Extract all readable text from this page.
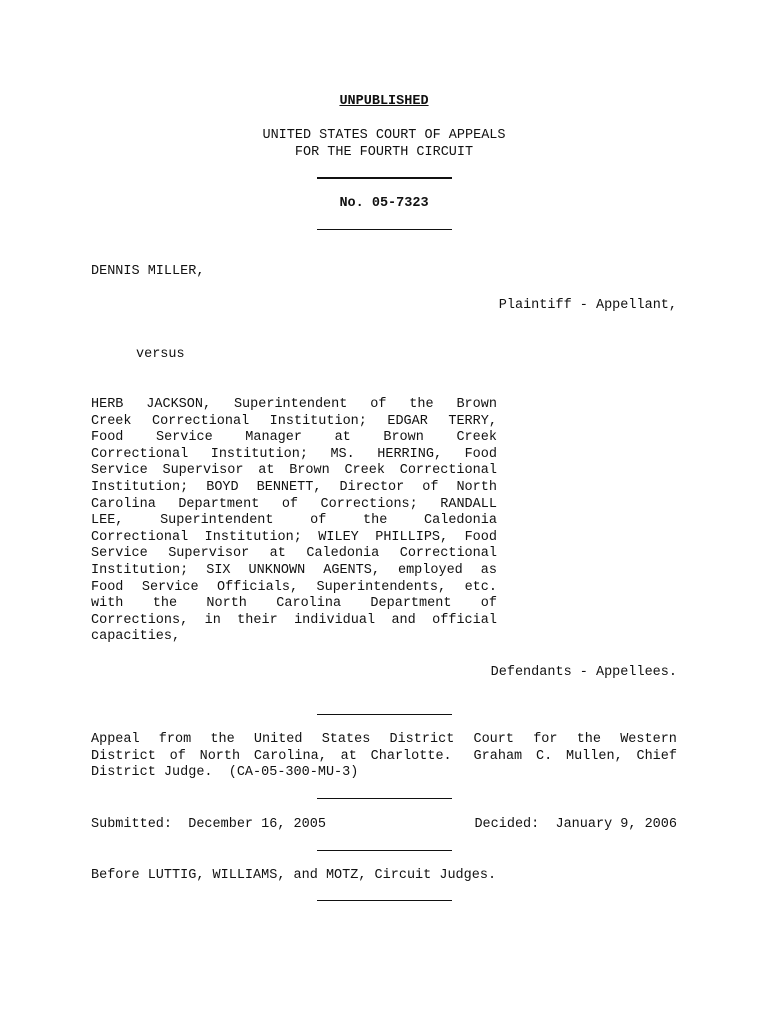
UNPUBLISHED
UNITED STATES COURT OF APPEALS
FOR THE FOURTH CIRCUIT
No. 05-7323
DENNIS MILLER,
Plaintiff - Appellant,
versus
HERB JACKSON, Superintendent of the Brown
Creek Correctional Institution; EDGAR TERRY,
Food Service Manager at Brown Creek
Correctional Institution; MS. HERRING, Food
Service Supervisor at Brown Creek Correctional
Institution; BOYD BENNETT, Director of North
Carolina Department of Corrections; RANDALL
LEE,	Superintendent	of	the	Caledonia
Correctional Institution; WILEY PHILLIPS, Food
Service Supervisor at Caledonia Correctional
Institution; SIX UNKNOWN AGENTS, employed as
Food Service Officials, Superintendents, etc.
with the North Carolina Department of
Corrections, in their individual and official
capacities,
Defendants - Appellees.
Appeal from the United States District Court for the Western
District of North Carolina, at Charlotte. Graham C. Mullen, Chief
District Judge.  (CA-05-300-MU-3)
Submitted:  December 16, 2005	Decided:  January 9, 2006
Before LUTTIG, WILLIAMS, and MOTZ, Circuit Judges.
